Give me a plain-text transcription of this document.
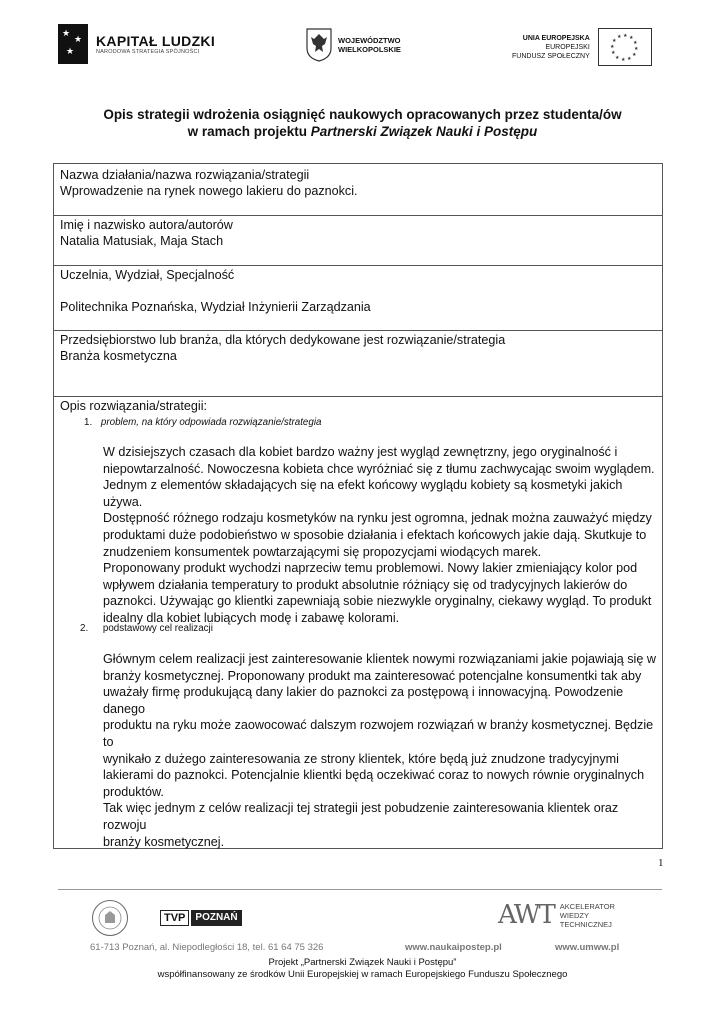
★
★
★
KAPITAŁ LUDZKI
NARODOWA STRATEGIA SPÓJNOŚCI
WOJEWÓDZTWO
WIELKOPOLSKIE
UNIA EUROPEJSKA
EUROPEJSKI
FUNDUSZ SPOŁECZNY
★ ★
★
★
★
★
★
★
★
★
★
★
Opis strategii wdrożenia osiągnięć naukowych opracowanych przez studenta/ów
w ramach projektu Partnerski Związek Nauki i Postępu
Nazwa działania/nazwa rozwiązania/strategii
Wprowadzenie na rynek nowego lakieru do paznokci.
Imię i nazwisko autora/autorów
Natalia Matusiak, Maja Stach
Uczelnia, Wydział, Specjalność
Politechnika Poznańska, Wydział Inżynierii Zarządzania
Przedsiębiorstwo lub branża, dla których dedykowane jest rozwiązanie/strategia
Branża kosmetyczna
Opis rozwiązania/strategii:
1. problem, na który odpowiada rozwiązanie/strategia
W dzisiejszych czasach dla kobiet bardzo ważny jest wygląd zewnętrzny, jego oryginalność i
niepowtarzalność. Nowoczesna kobieta chce wyróżniać się z tłumu zachwycając swoim wyglądem.
Jednym z elementów składających się na efekt końcowy wyglądu kobiety są kosmetyki jakich używa.
Dostępność różnego rodzaju kosmetyków na rynku jest ogromna, jednak można zauważyć między
produktami duże podobieństwo w sposobie działania i efektach końcowych jakie dają. Skutkuje to
znudzeniem konsumentek powtarzającymi się propozycjami wiodących marek.
Proponowany produkt wychodzi naprzeciw temu problemowi. Nowy lakier zmieniający kolor pod
wpływem działania temperatury to produkt absolutnie różniący się od tradycyjnych lakierów do
paznokci. Używając go klientki zapewniają sobie niezwykle oryginalny, ciekawy wygląd. To produkt
idealny dla kobiet lubiących modę i zabawę kolorami.
2. podstawowy cel realizacji
Głównym celem realizacji jest zainteresowanie klientek nowymi rozwiązaniami jakie pojawiają się w
branży kosmetycznej. Proponowany produkt ma zainteresować potencjalne konsumentki tak aby
uważały firmę produkującą dany lakier do paznokci za postępową i innowacyjną. Powodzenie danego
produktu na ryku może zaowocować dalszym rozwojem rozwiązań w branży kosmetycznej. Będzie to
wynikało z dużego zainteresowania ze strony klientek, które będą już znudzone tradycyjnymi
lakierami do paznokci. Potencjalnie klientki będą oczekiwać coraz to nowych równie oryginalnych
produktów.
Tak więc jednym z celów realizacji tej strategii jest pobudzenie zainteresowania klientek oraz rozwoju
branży kosmetycznej.
1
TVP	POZNAŃ	AWT AKCELERATOR
WIEDZY
TECHNICZNEJ
61-713 Poznań, al. Niepodległości 18, tel. 61 64 75 326	www.naukaipostep.pl	www.umww.pl
Projekt „Partnerski Związek Nauki i Postępu”
współfinansowany ze środków Unii Europejskiej w ramach Europejskiego Funduszu Społecznego
